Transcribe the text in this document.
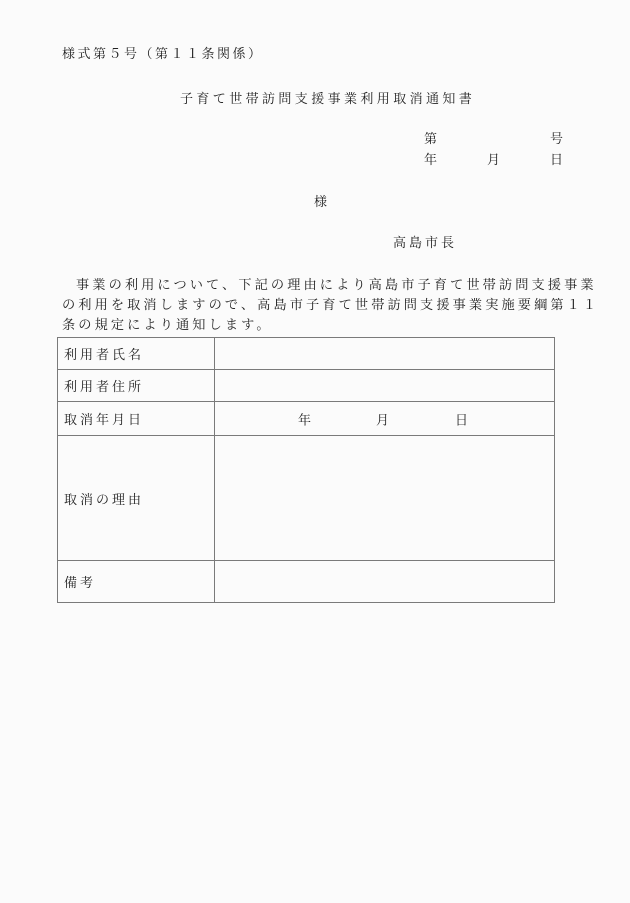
様式第５号（第１１条関係）
子育て世帯訪問支援事業利用取消通知書
第	号
年	月	日
様
高島市長
事業の利用について、下記の理由により高島市子育て世帯訪問支援事業
の利用を取消しますので、高島市子育て世帯訪問支援事業実施要綱第１１
条の規定により通知します。
利用者氏名	
利用者住所	
取消年月日	年 月 日

取消の理由	
備考	
